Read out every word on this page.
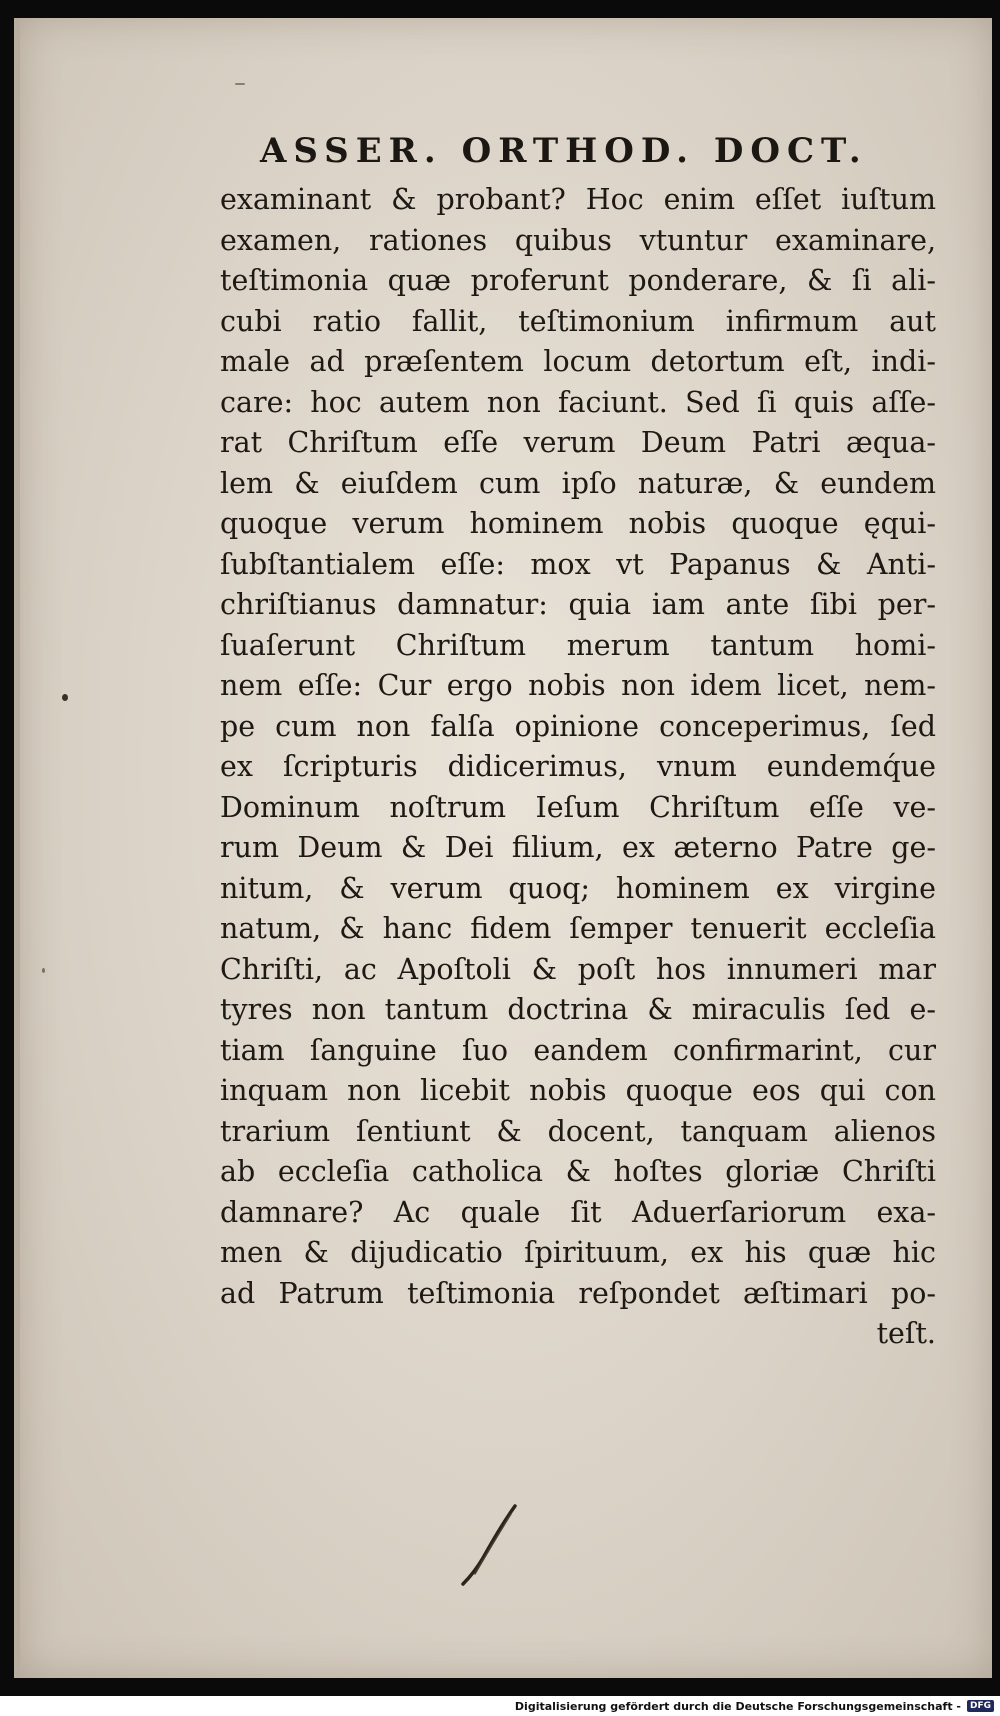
ASSER. ORTHOD. DOCT.
examinant & probant? Hoc enim eſſet iuſtum
examen, rationes quibus vtuntur examinare,
teſtimonia quæ proferunt ponderare, & ſi ali-
cubi ratio fallit, teſtimonium infirmum aut
male ad præſentem locum detortum eſt, indi-
care: hoc autem non faciunt. Sed ſi quis aſſe-
rat Chriſtum eſſe verum Deum Patri æqua-
lem & eiuſdem cum ipſo naturæ, & eundem
quoque verum hominem nobis quoque ęqui-
ſubſtantialem eſſe: mox vt Papanus & Anti-
chriſtianus damnatur: quia iam ante ſibi per-
ſuaſerunt Chriſtum merum tantum homi-
nem eſſe: Cur ergo nobis non idem licet, nem-
pe cum non falſa opinione conceperimus, ſed
ex ſcripturis didicerimus, vnum eundemq́ue
Dominum noſtrum Ieſum Chriſtum eſſe ve-
rum Deum & Dei filium, ex æterno Patre ge-
nitum, & verum quoq; hominem ex virgine
natum, & hanc fidem ſemper tenuerit eccleſia
Chriſti, ac Apoſtoli & poſt hos innumeri mar
tyres non tantum doctrina & miraculis ſed e-
tiam ſanguine ſuo eandem confirmarint, cur
inquam non licebit nobis quoque eos qui con
trarium ſentiunt & docent, tanquam alienos
ab eccleſia catholica & hoſtes gloriæ Chriſti
damnare? Ac quale ſit Aduerſariorum exa-
men & dijudicatio ſpirituum, ex his quæ hic
ad Patrum teſtimonia reſpondet æſtimari po-
teſt.
Digitalisierung gefördert durch die Deutsche Forschungsgemeinschaft -	DFG
